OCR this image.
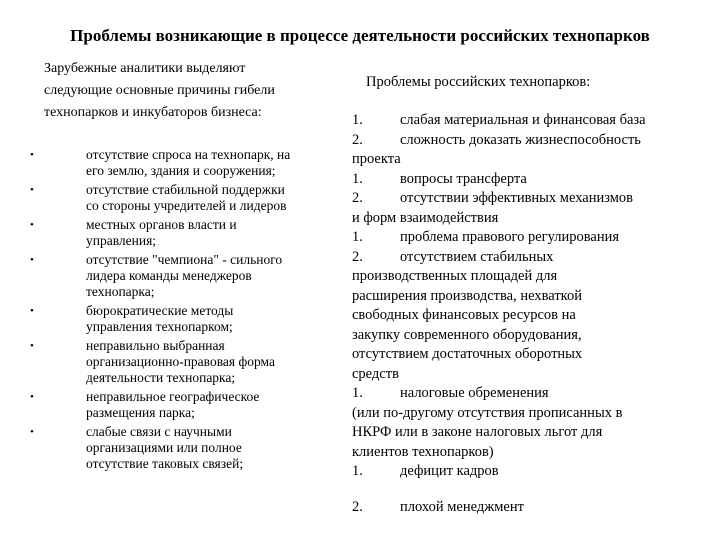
Проблемы возникающие в процессе деятельности российских технопарков
Зарубежные аналитики выделяют
следующие основные причины гибели
технопарков и инкубаторов бизнеса:
•	отсутствие спроса на технопарк, на
его землю, здания и сооружения;
•	отсутствие стабильной поддержки
со стороны учредителей и лидеров
•	местных органов власти и
управления;
•	отсутствие "чемпиона" - сильного
лидера команды менеджеров
технопарка;
•	бюрократические методы
управления технопарком;
•	неправильно выбранная
организационно-правовая форма
деятельности технопарка;
•	неправильное географическое
размещения парка;
•	слабые связи с научными
организациями или полное
отсутствие таковых связей;
Проблемы российских технопарков:
1.	слабая материальная и финансовая база
2.	сложность доказать жизнеспособность
проекта
1.	вопросы трансферта
2.	отсутствии эффективных механизмов
и форм взаимодействия
1.	проблема правового регулирования
2.	отсутствием стабильных
производственных площадей для
расширения производства, нехваткой
свободных финансовых ресурсов на
закупку современного оборудования,
отсутствием достаточных оборотных
средств
1.	налоговые обременения
(или по-другому отсутствия прописанных в
НКРФ или в законе налоговых льгот для
клиентов технопарков)
1.	дефицит кадров
2.	плохой менеджмент
